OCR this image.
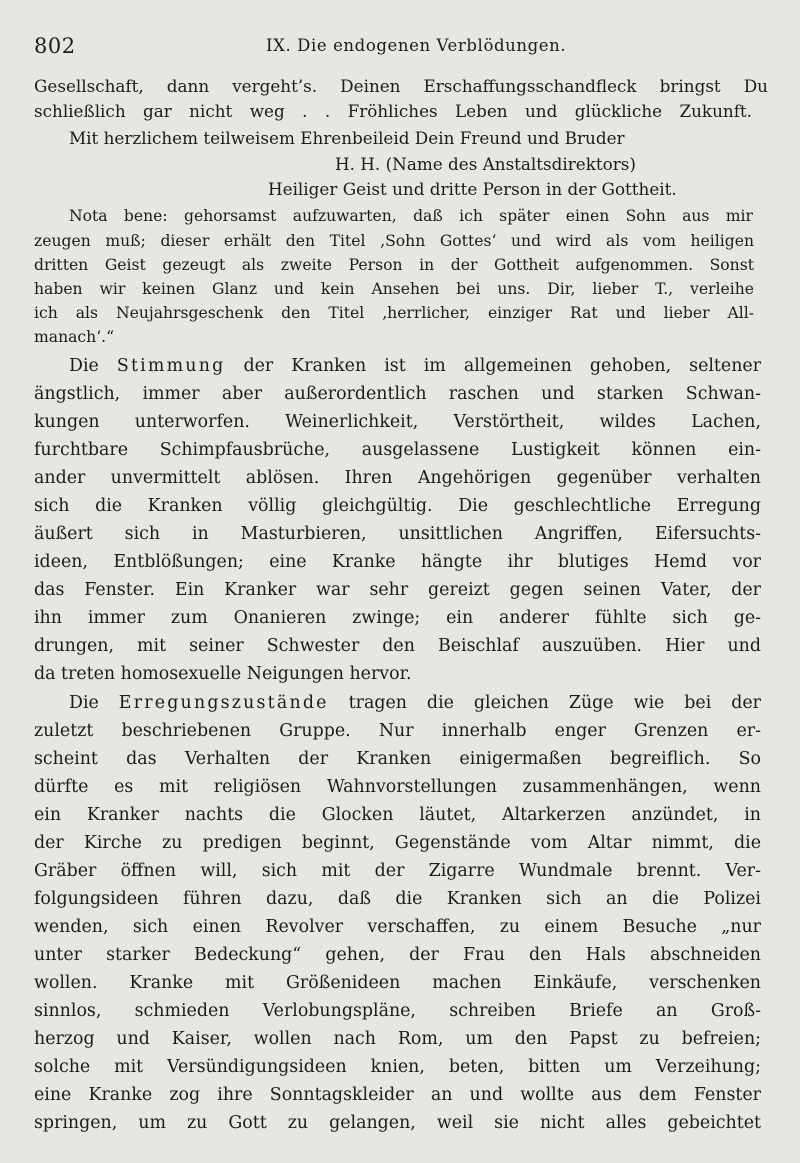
802	IX. Die endogenen Verblödungen.
Gesellschaft, dann vergeht’s. Deinen Erschaffungsschandfleck bringst Du
schließlich gar nicht weg . . Fröhliches Leben und glückliche Zukunft.
Mit herzlichem teilweisem Ehrenbeileid Dein Freund und Bruder
H. H. (Name des Anstaltsdirektors)
Heiliger Geist und dritte Person in der Gottheit.
Nota bene: gehorsamst aufzuwarten, daß ich später einen Sohn aus mir
zeugen muß; dieser erhält den Titel ‚Sohn Gottes‘ und wird als vom heiligen
dritten Geist gezeugt als zweite Person in der Gottheit aufgenommen. Sonst
haben wir keinen Glanz und kein Ansehen bei uns. Dir, lieber T., verleihe
ich als Neujahrsgeschenk den Titel ‚herrlicher, einziger Rat und lieber All-
manach‘.“
Die Stimmung der Kranken ist im allgemeinen gehoben, seltener
ängstlich, immer aber außerordentlich raschen und starken Schwan-
kungen unterworfen. Weinerlichkeit, Verstörtheit, wildes Lachen,
furchtbare Schimpfausbrüche, ausgelassene Lustigkeit können ein-
ander unvermittelt ablösen. Ihren Angehörigen gegenüber verhalten
sich die Kranken völlig gleichgültig. Die geschlechtliche Erregung
äußert sich in Masturbieren, unsittlichen Angriffen, Eifersuchts-
ideen, Entblößungen; eine Kranke hängte ihr blutiges Hemd vor
das Fenster. Ein Kranker war sehr gereizt gegen seinen Vater, der
ihn immer zum Onanieren zwinge; ein anderer fühlte sich ge-
drungen, mit seiner Schwester den Beischlaf auszuüben. Hier und
da treten homosexuelle Neigungen hervor.
Die Erregungszustände tragen die gleichen Züge wie bei der
zuletzt beschriebenen Gruppe. Nur innerhalb enger Grenzen er-
scheint das Verhalten der Kranken einigermaßen begreiflich. So
dürfte es mit religiösen Wahnvorstellungen zusammenhängen, wenn
ein Kranker nachts die Glocken läutet, Altarkerzen anzündet, in
der Kirche zu predigen beginnt, Gegenstände vom Altar nimmt, die
Gräber öffnen will, sich mit der Zigarre Wundmale brennt. Ver-
folgungsideen führen dazu, daß die Kranken sich an die Polizei
wenden, sich einen Revolver verschaffen, zu einem Besuche „nur
unter starker Bedeckung“ gehen, der Frau den Hals abschneiden
wollen. Kranke mit Größenideen machen Einkäufe, verschenken
sinnlos, schmieden Verlobungspläne, schreiben Briefe an Groß-
herzog und Kaiser, wollen nach Rom, um den Papst zu befreien;
solche mit Versündigungsideen knien, beten, bitten um Verzeihung;
eine Kranke zog ihre Sonntagskleider an und wollte aus dem Fenster
springen, um zu Gott zu gelangen, weil sie nicht alles gebeichtet
